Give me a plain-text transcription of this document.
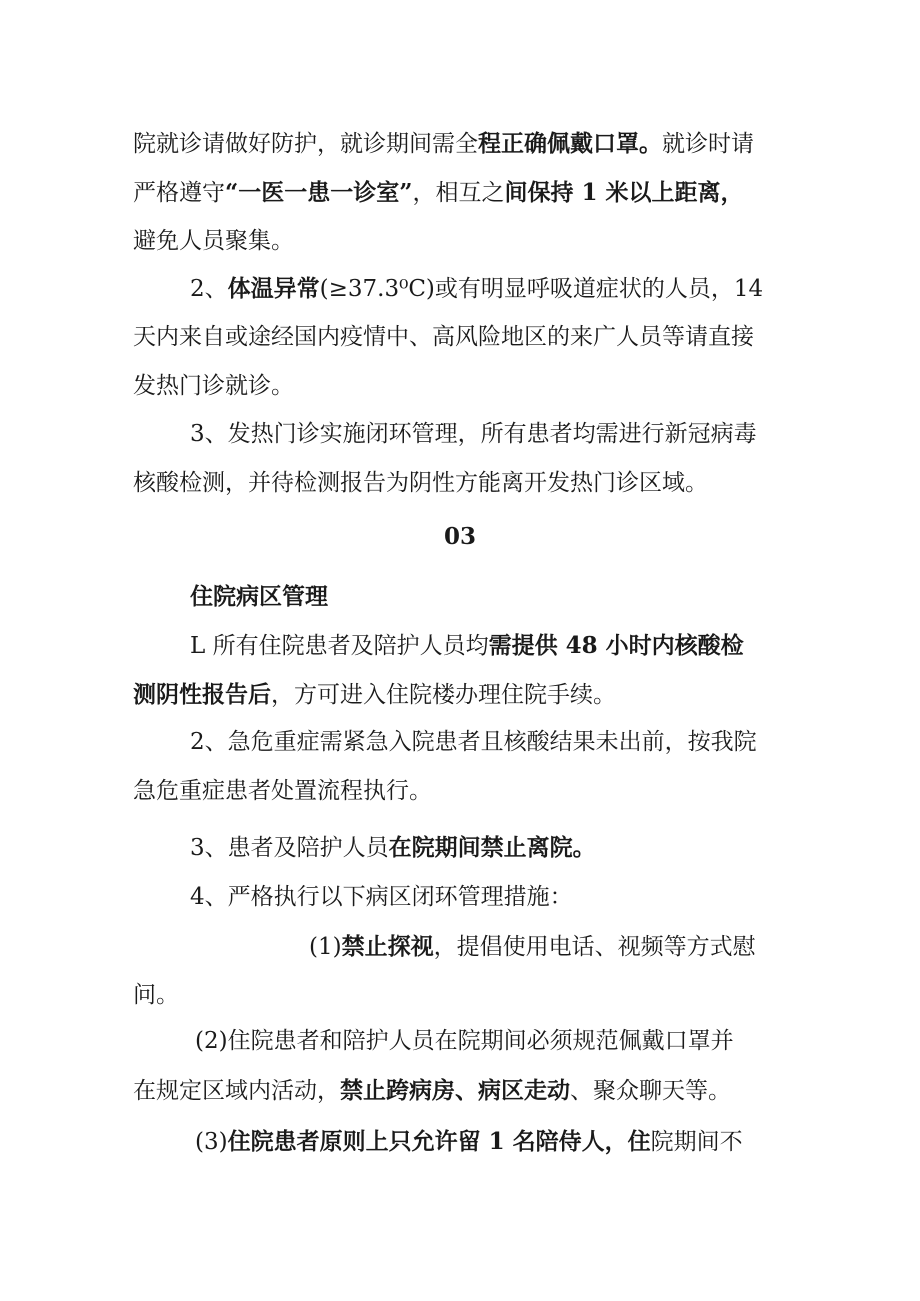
院就诊请做好防护，就诊期间需全程正确佩戴口罩。就诊时请
严格遵守“一医一患一诊室”，相互之间保持 1 米以上距离，
避免人员聚集。

2、体温异常(≥37.3⁰C)或有明显呼吸道症状的人员，14
天内来自或途经国内疫情中、高风险地区的来广人员等请直接
发热门诊就诊。

3、发热门诊实施闭环管理，所有患者均需进行新冠病毒
核酸检测，并待检测报告为阴性方能离开发热门诊区域。

03
住院病区管理

L 所有住院患者及陪护人员均需提供 48 小时内核酸检
测阴性报告后，方可进入住院楼办理住院手续。

2、急危重症需紧急入院患者且核酸结果未出前，按我院
急危重症患者处置流程执行。

3、患者及陪护人员在院期间禁止离院。

4、严格执行以下病区闭环管理措施：

(1)禁止探视，提倡使用电话、视频等方式慰
问。

(2)住院患者和陪护人员在院期间必须规范佩戴口罩并
在规定区域内活动，禁止跨病房、病区走动、聚众聊天等。

(3)住院患者原则上只允许留 1 名陪侍人，住院期间不
